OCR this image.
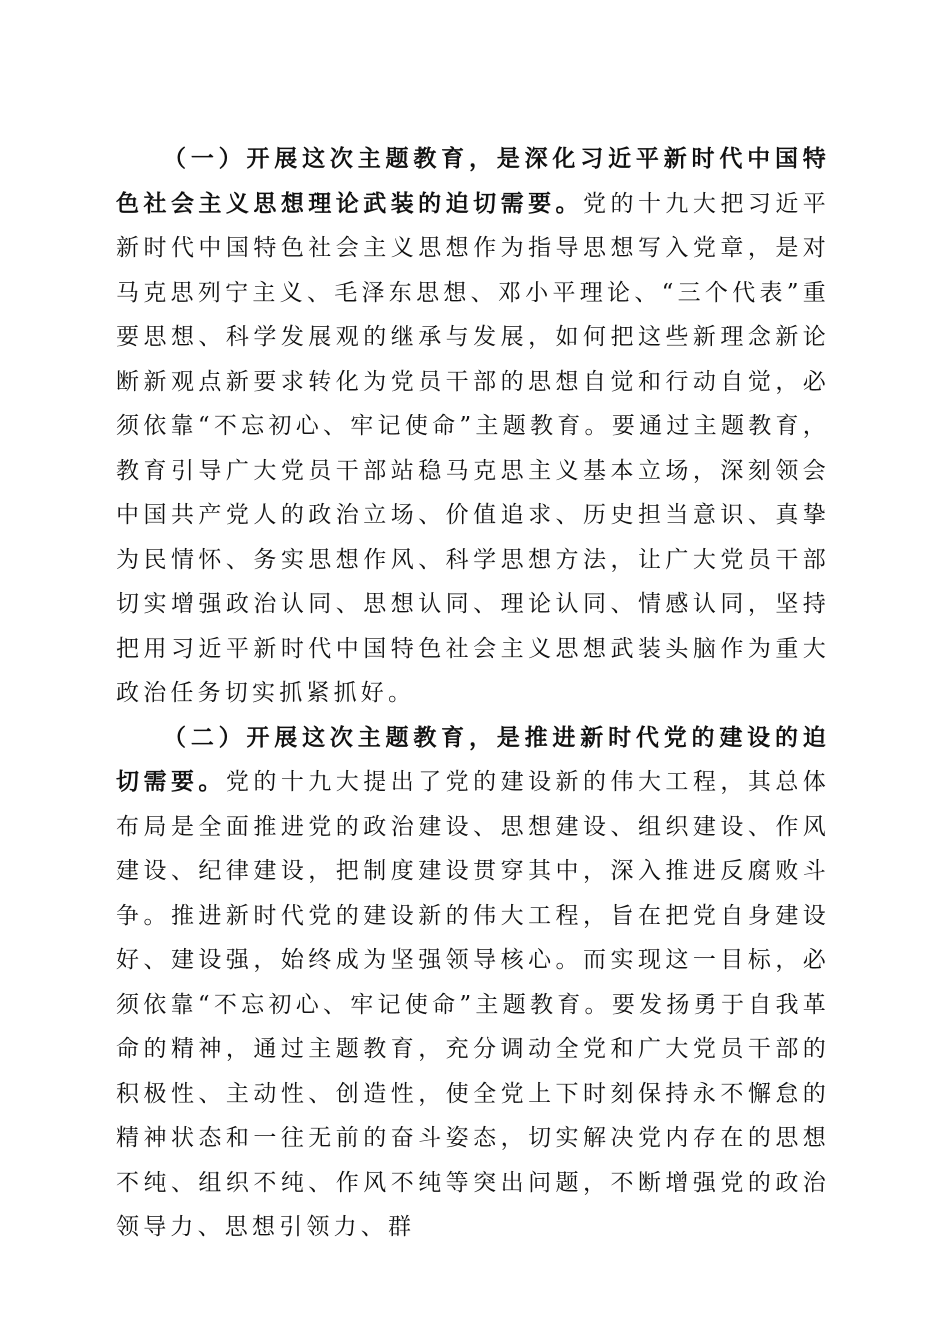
（一）开展这次主题教育，是深化习近平新时代中国特色社会主义思想理论武装的迫切需要。党的十九大把习近平新时代中国特色社会主义思想作为指导思想写入党章，是对马克思列宁主义、毛泽东思想、邓小平理论、“三个代表”重要思想、科学发展观的继承与发展，如何把这些新理念新论断新观点新要求转化为党员干部的思想自觉和行动自觉，必须依靠“不忘初心、牢记使命”主题教育。要通过主题教育，教育引导广大党员干部站稳马克思主义基本立场，深刻领会中国共产党人的政治立场、价值追求、历史担当意识、真挚为民情怀、务实思想作风、科学思想方法，让广大党员干部切实增强政治认同、思想认同、理论认同、情感认同，坚持把用习近平新时代中国特色社会主义思想武装头脑作为重大政治任务切实抓紧抓好。

（二）开展这次主题教育，是推进新时代党的建设的迫切需要。党的十九大提出了党的建设新的伟大工程，其总体布局是全面推进党的政治建设、思想建设、组织建设、作风建设、纪律建设，把制度建设贯穿其中，深入推进反腐败斗争。推进新时代党的建设新的伟大工程，旨在把党自身建设好、建设强，始终成为坚强领导核心。而实现这一目标，必须依靠“不忘初心、牢记使命”主题教育。要发扬勇于自我革命的精神，通过主题教育，充分调动全党和广大党员干部的积极性、主动性、创造性，使全党上下时刻保持永不懈怠的精神状态和一往无前的奋斗姿态，切实解决党内存在的思想不纯、组织不纯、作风不纯等突出问题，不断增强党的政治领导力、思想引领力、群
